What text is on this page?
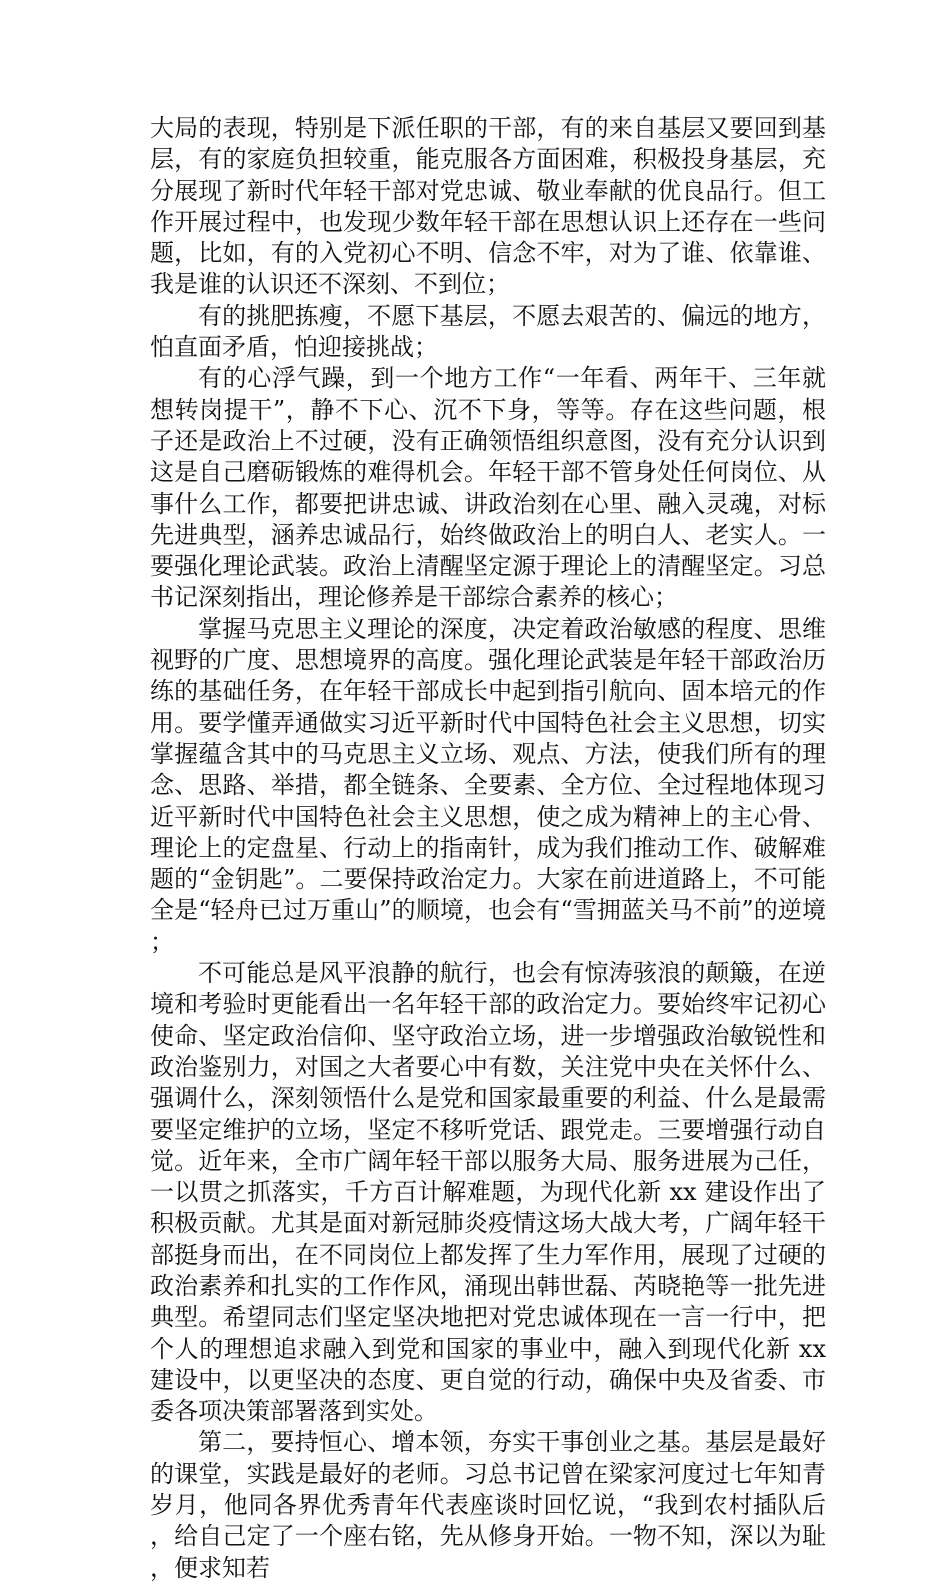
大局的表现，特别是下派任职的干部，有的来自基层又要回到基层，有的家庭负担较重，能克服各方面困难，积极投身基层，充分展现了新时代年轻干部对党忠诚、敬业奉献的优良品行。但工作开展过程中，也发现少数年轻干部在思想认识上还存在一些问题，比如，有的入党初心不明、信念不牢，对为了谁、依靠谁、我是谁的认识还不深刻、不到位；

有的挑肥拣瘦，不愿下基层，不愿去艰苦的、偏远的地方，怕直面矛盾，怕迎接挑战；

有的心浮气躁，到一个地方工作“一年看、两年干、三年就想转岗提干”，静不下心、沉不下身，等等。存在这些问题，根子还是政治上不过硬，没有正确领悟组织意图，没有充分认识到这是自己磨砺锻炼的难得机会。年轻干部不管身处任何岗位、从事什么工作，都要把讲忠诚、讲政治刻在心里、融入灵魂，对标先进典型，涵养忠诚品行，始终做政治上的明白人、老实人。一要强化理论武装。政治上清醒坚定源于理论上的清醒坚定。习总书记深刻指出，理论修养是干部综合素养的核心；

掌握马克思主义理论的深度，决定着政治敏感的程度、思维视野的广度、思想境界的高度。强化理论武装是年轻干部政治历练的基础任务，在年轻干部成长中起到指引航向、固本培元的作用。要学懂弄通做实习近平新时代中国特色社会主义思想，切实掌握蕴含其中的马克思主义立场、观点、方法，使我们所有的理念、思路、举措，都全链条、全要素、全方位、全过程地体现习近平新时代中国特色社会主义思想，使之成为精神上的主心骨、理论上的定盘星、行动上的指南针，成为我们推动工作、破解难题的“金钥匙”。二要保持政治定力。大家在前进道路上，不可能全是“轻舟已过万重山”的顺境，也会有“雪拥蓝关马不前”的逆境；

不可能总是风平浪静的航行，也会有惊涛骇浪的颠簸，在逆境和考验时更能看出一名年轻干部的政治定力。要始终牢记初心使命、坚定政治信仰、坚守政治立场，进一步增强政治敏锐性和政治鉴别力，对国之大者要心中有数，关注党中央在关怀什么、强调什么，深刻领悟什么是党和国家最重要的利益、什么是最需要坚定维护的立场，坚定不移听党话、跟党走。三要增强行动自觉。近年来，全市广阔年轻干部以服务大局、服务进展为己任，一以贯之抓落实，千方百计解难题，为现代化新 xx 建设作出了积极贡献。尤其是面对新冠肺炎疫情这场大战大考，广阔年轻干部挺身而出，在不同岗位上都发挥了生力军作用，展现了过硬的政治素养和扎实的工作作风，涌现出韩世磊、芮晓艳等一批先进典型。希望同志们坚定坚决地把对党忠诚体现在一言一行中，把个人的理想追求融入到党和国家的事业中，融入到现代化新 xx 建设中，以更坚决的态度、更自觉的行动，确保中央及省委、市委各项决策部署落到实处。

第二，要持恒心、增本领，夯实干事创业之基。基层是最好的课堂，实践是最好的老师。习总书记曾在梁家河度过七年知青岁月，他同各界优秀青年代表座谈时回忆说，“我到农村插队后，给自己定了一个座右铭，先从修身开始。一物不知，深以为耻，便求知若
